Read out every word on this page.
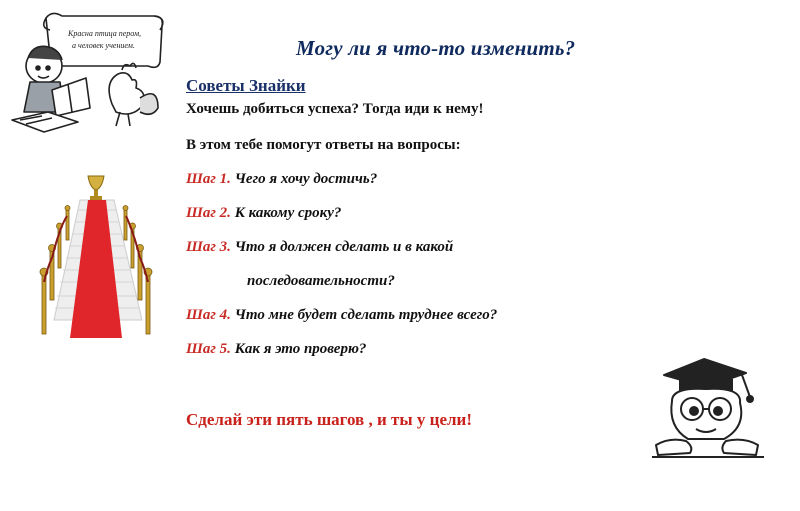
Красна птица пером,
а человек учением.	Могу ли я что-то изменить?
Советы Знайки
Хочешь добиться успеха? Тогда иди к нему!
В этом тебе помогут ответы на вопросы:
Шаг 1. Чего я хочу достичь?
Шаг 2. К какому сроку?
Шаг 3. Что я должен сделать и в какой
последовательности?
Шаг 4. Что мне будет сделать труднее всего?
Шаг 5. Как я это проверю?
Сделай эти пять шагов , и ты у цели!
